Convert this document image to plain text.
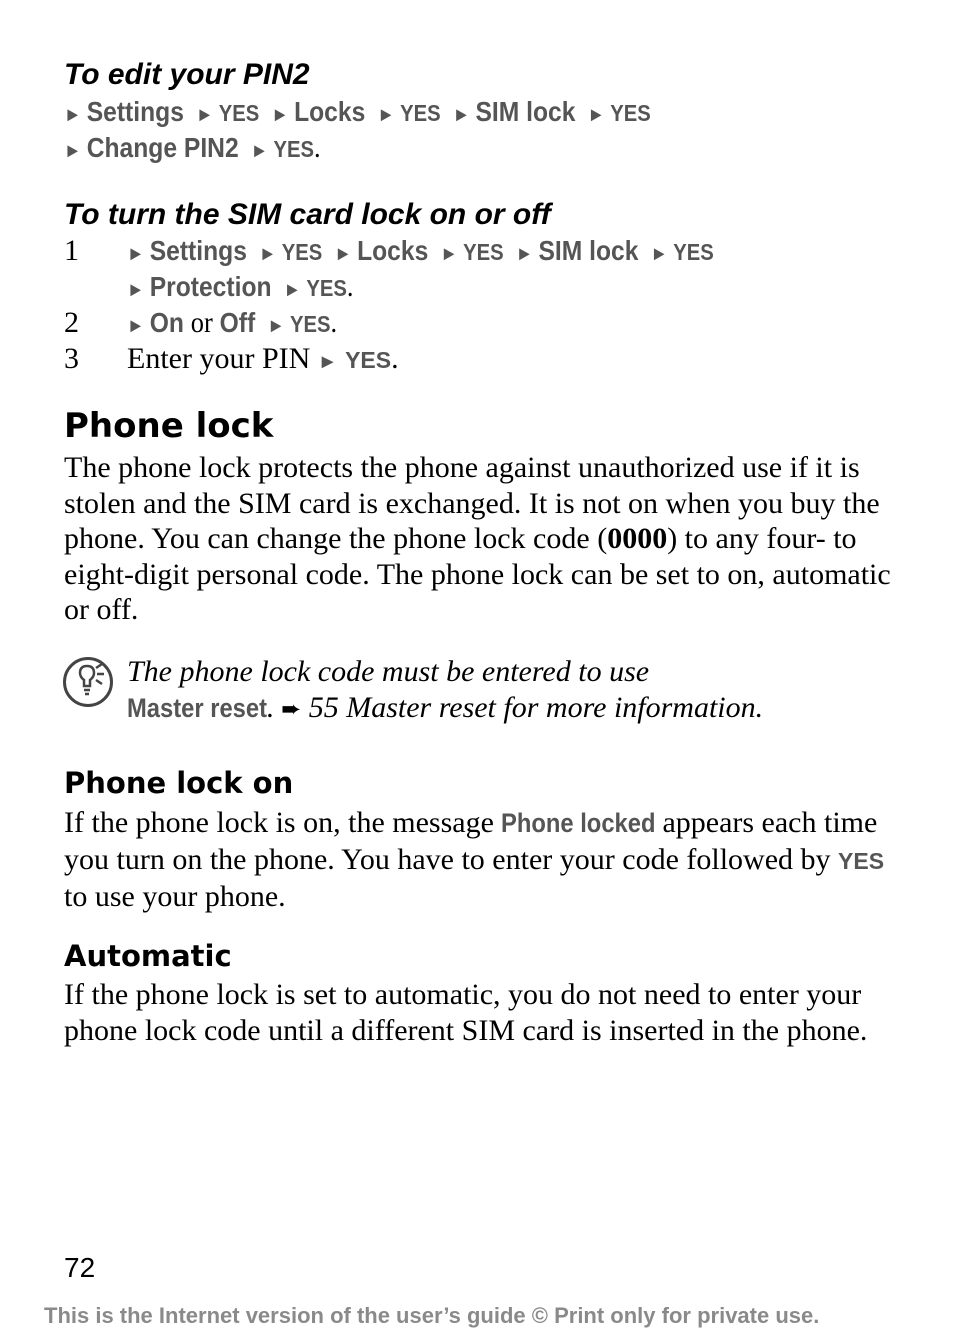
To edit your PIN2
► Settings ► YES ► Locks ► YES ► SIM lock ► YES
► Change PIN2 ► YES.
To turn the SIM card lock on or off
1 ► Settings ► YES ► Locks ► YES ► SIM lock ► YES
► Protection ► YES.
2 ► On or Off ► YES.
3 Enter your PIN ► YES.
Phone lock
The phone lock protects the phone against unauthorized use if it is stolen and the SIM card is exchanged. It is not on when you buy the phone. You can change the phone lock code (0000) to any four- to eight-digit personal code. The phone lock can be set to on, automatic or off.
The phone lock code must be entered to use
Master reset. ➨ 55 Master reset for more information.
Phone lock on
If the phone lock is on, the message Phone locked appears each time you turn on the phone. You have to enter your code followed by YES to use your phone.
Automatic
If the phone lock is set to automatic, you do not need to enter your phone lock code until a different SIM card is inserted in the phone.
72
This is the Internet version of the user’s guide © Print only for private use.
